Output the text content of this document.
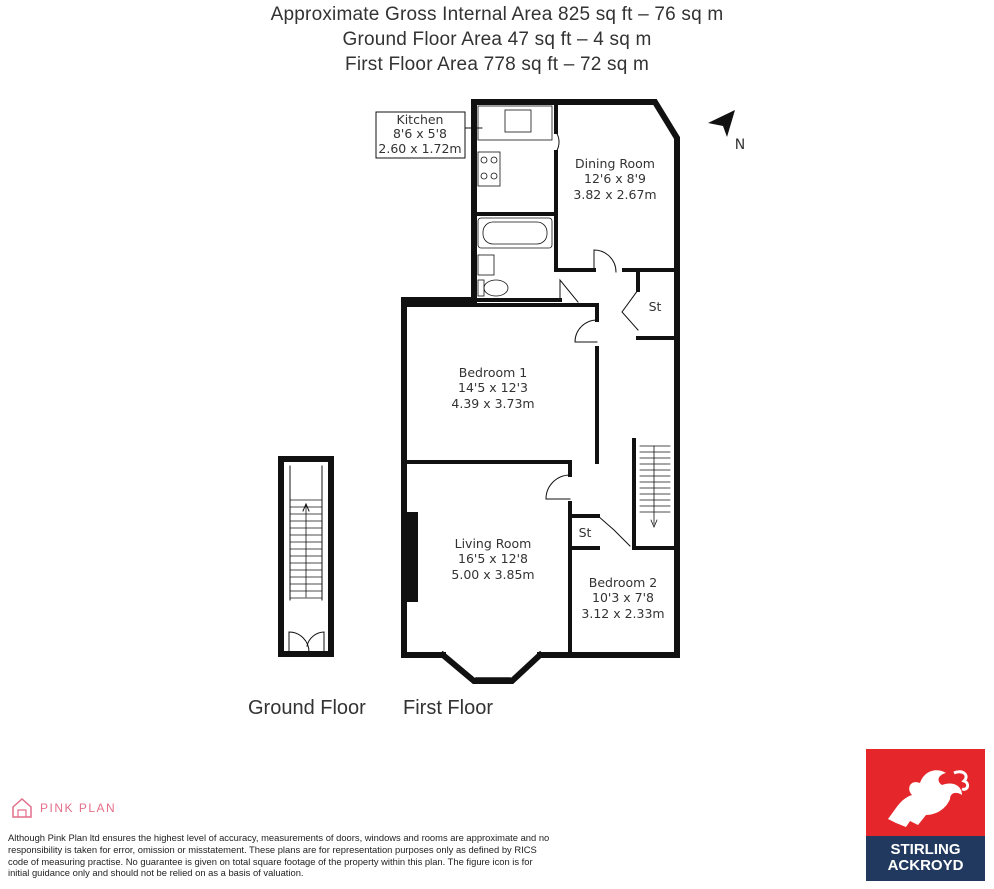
Approximate Gross Internal Area 825 sq ft – 76 sq m
Ground Floor Area 47 sq ft – 4 sq m
First Floor Area 778 sq ft – 72 sq m
Kitchen
8'6 x 5'8
2.60 x 1.72m
Dining Room
12'6 x 8'9
3.82 x 2.67m
Bedroom 1
14'5 x 12'3
4.39 x 3.73m
Living Room
16'5 x 12'8
5.00 x 3.85m
Bedroom 2
10'3 x 7'8
3.12 x 2.33m
St
St
N
Ground Floor First Floor
PINK PLAN
Although Pink Plan ltd ensures the highest level of accuracy, measurements of doors, windows and rooms are approximate and no responsibility is taken for error, omission or misstatement. These plans are for representation purposes only as defined by RICS code of measuring practise. No guarantee is given on total square footage of the property within this plan. The figure icon is for initial guidance only and should not be relied on as a basis of valuation.
STIRLING
ACKROYD
